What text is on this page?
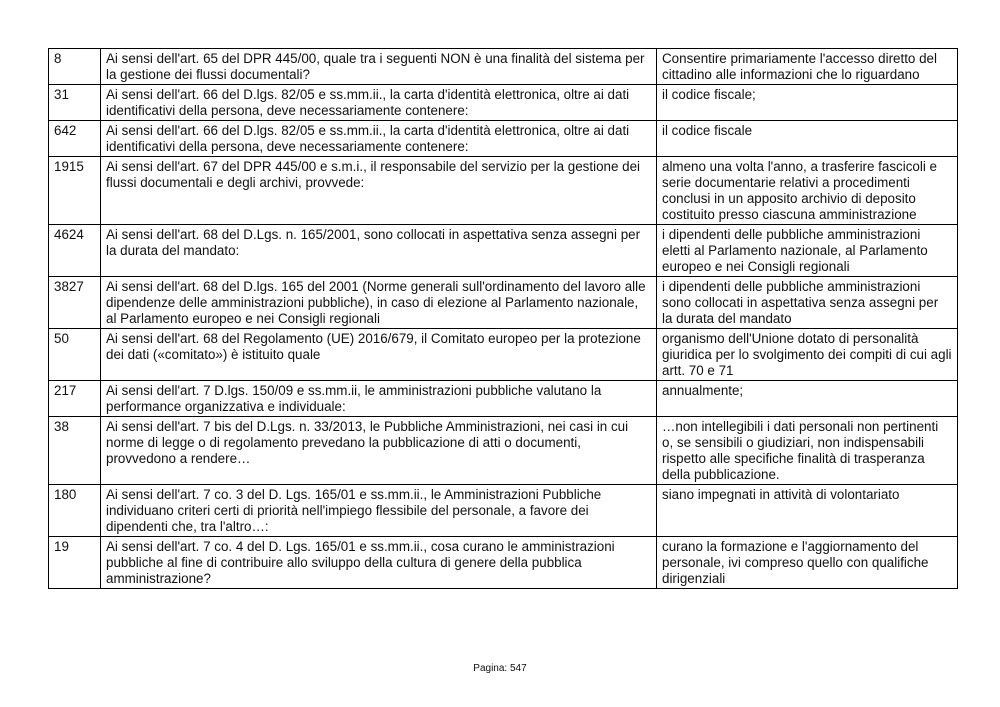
8	Ai sensi dell'art. 65 del DPR 445/00, quale tra i seguenti NON è una finalità del sistema per la gestione dei flussi documentali?	Consentire primariamente l'accesso diretto del cittadino alle informazioni che lo riguardano
31	Ai sensi dell'art. 66 del D.lgs. 82/05 e ss.mm.ii., la carta d'identità elettronica, oltre ai dati identificativi della persona, deve necessariamente contenere:	il codice fiscale;
642	Ai sensi dell'art. 66 del D.lgs. 82/05 e ss.mm.ii., la carta d'identità elettronica, oltre ai dati identificativi della persona, deve necessariamente contenere:	il codice fiscale
1915	Ai sensi dell'art. 67 del DPR 445/00 e s.m.i., il responsabile del servizio per la gestione dei flussi documentali e degli archivi, provvede:	almeno una volta l'anno, a trasferire fascicoli e serie documentarie relativi a procedimenti conclusi in un apposito archivio di deposito costituito presso ciascuna amministrazione
4624	Ai sensi dell'art. 68 del D.Lgs. n. 165/2001, sono collocati in aspettativa senza assegni per la durata del mandato:	i dipendenti delle pubbliche amministrazioni eletti al Parlamento nazionale, al Parlamento europeo e nei Consigli regionali
3827	Ai sensi dell'art. 68 del D.lgs. 165 del 2001 (Norme generali sull'ordinamento del lavoro alle dipendenze delle amministrazioni pubbliche), in caso di elezione al Parlamento nazionale, al Parlamento europeo e nei Consigli regionali	i dipendenti delle pubbliche amministrazioni sono collocati in aspettativa senza assegni per la durata del mandato
50	Ai sensi dell'art. 68 del Regolamento (UE) 2016/679, il Comitato europeo per la protezione dei dati («comitato») è istituito quale	organismo dell'Unione dotato di personalità giuridica per lo svolgimento dei compiti di cui agli artt. 70 e 71
217	Ai sensi dell'art. 7 D.lgs. 150/09 e ss.mm.ii, le amministrazioni pubbliche valutano la performance organizzativa e individuale:	annualmente;
38	Ai sensi dell'art. 7 bis del D.Lgs. n. 33/2013, le Pubbliche Amministrazioni, nei casi in cui norme di legge o di regolamento prevedano la pubblicazione di atti o documenti, provvedono a rendere…	…non intellegibili i dati personali non pertinenti o, se sensibili o giudiziari, non indispensabili rispetto alle specifiche finalità di trasperanza della pubblicazione.
180	Ai sensi dell'art. 7 co. 3 del D. Lgs. 165/01 e ss.mm.ii., le Amministrazioni Pubbliche individuano criteri certi di priorità nell'impiego flessibile del personale, a favore dei dipendenti che, tra l'altro…:	siano impegnati in attività di volontariato
19	Ai sensi dell'art. 7 co. 4 del D. Lgs. 165/01 e ss.mm.ii., cosa curano le amministrazioni pubbliche al fine di contribuire allo sviluppo della cultura di genere della pubblica amministrazione?	curano la formazione e l'aggiornamento del personale, ivi compreso quello con qualifiche dirigenziali
Pagina: 547
